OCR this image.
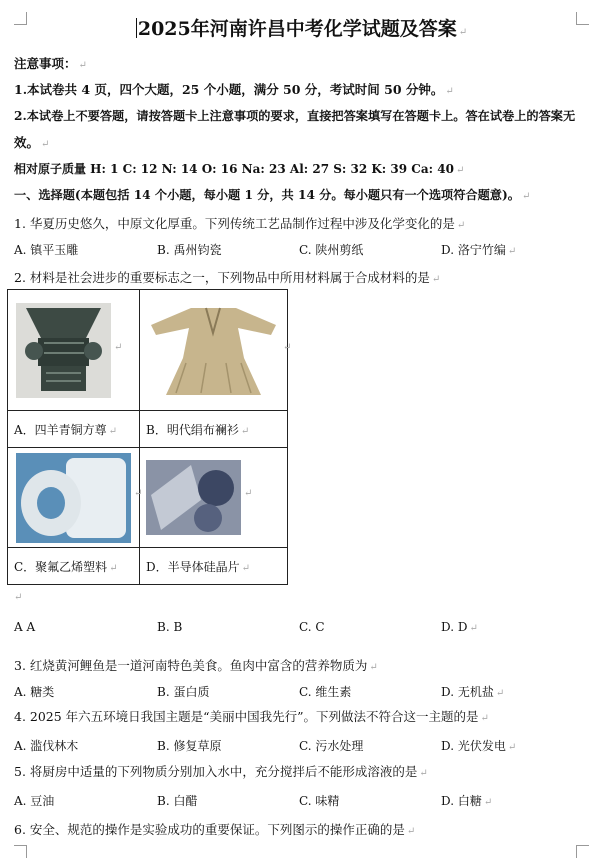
2025年河南许昌中考化学试题及答案 ↵
注意事项： ↵
1.本试卷共 4 页，四个大题，25 个小题，满分 50 分，考试时间 50 分钟。 ↵
2.本试卷上不要答题，请按答题卡上注意事项的要求，直接把答案填写在答题卡上。答在试卷上的答案无
效。 ↵
相对原子质量 H: 1 C: 12 N: 14 O: 16 Na: 23 Al: 27 S: 32 K: 39 Ca: 40 ↵
一、选择题(本题包括 14 个小题，每小题 1 分，共 14 分。每小题只有一个选项符合题意)。 ↵
1. 华夏历史悠久，中原文化厚重。下列传统工艺品制作过程中涉及化学变化的是 ↵
A. 镇平玉雕	B. 禹州钧瓷	C. 陕州剪纸	D. 洛宁竹编 ↵
2. 材料是社会进步的重要标志之一，下列物品中所用材料属于合成材料的是 ↵
↵	↵
A．四羊青铜方尊 ↵ B．明代绢布襕衫 ↵
↵	↵
C．聚氟乙烯塑料 ↵ D．半导体硅晶片 ↵
↵
A A	B. B	C. C	D. D ↵
3. 红烧黄河鲤鱼是一道河南特色美食。鱼肉中富含的营养物质为 ↵
A. 糖类	B. 蛋白质	C. 维生素	D. 无机盐 ↵
4. 2025 年六五环境日我国主题是“美丽中国我先行”。下列做法不符合这一主题的是 ↵
A. 滥伐林木	B. 修复草原	C. 污水处理	D. 光伏发电 ↵
5. 将厨房中适量的下列物质分别加入水中，充分搅拌后不能形成溶液的是 ↵
A. 豆油	B. 白醋	C. 味精	D. 白糖 ↵
6. 安全、规范的操作是实验成功的重要保证。下列图示的操作正确的是 ↵
